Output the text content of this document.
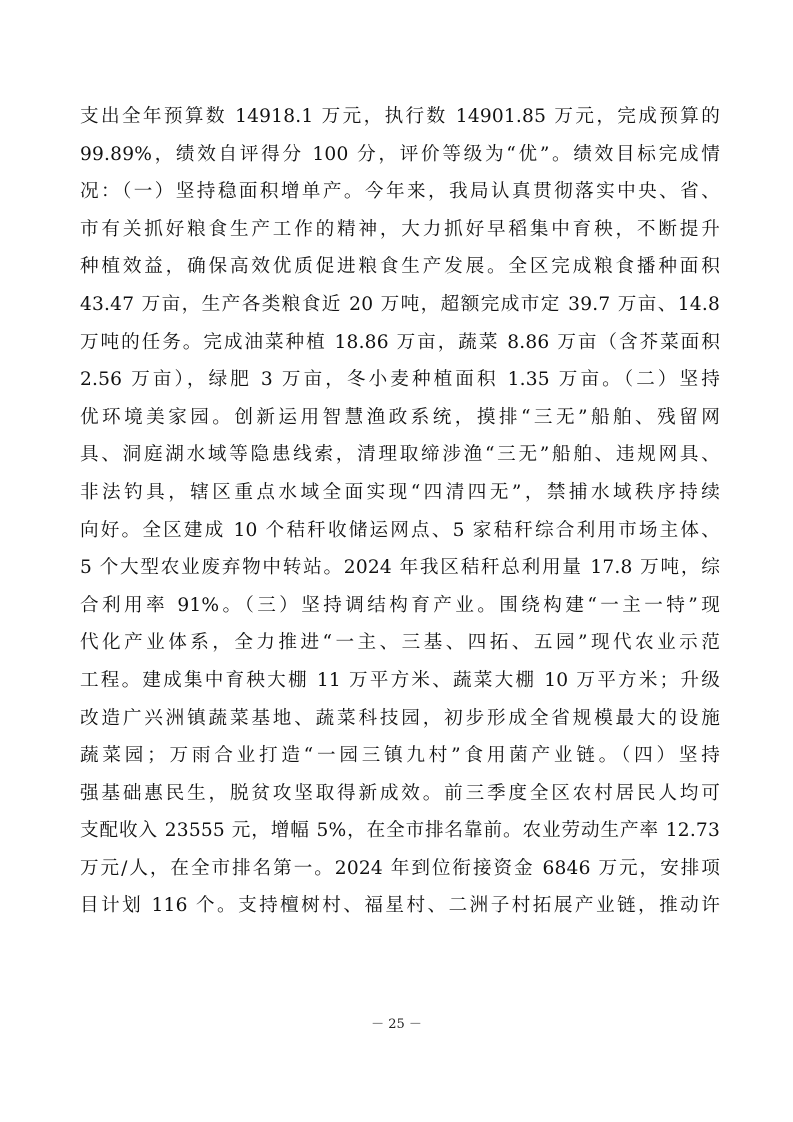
支出全年预算数 14918.1 万元，执行数 14901.85 万元，完成预算的
99.89%，绩效自评得分 100 分，评价等级为“优”。绩效目标完成情
况：（一）坚持稳面积增单产。今年来，我局认真贯彻落实中央、省、
市有关抓好粮食生产工作的精神，大力抓好早稻集中育秧，不断提升
种植效益，确保高效优质促进粮食生产发展。全区完成粮食播种面积
43.47 万亩，生产各类粮食近 20 万吨，超额完成市定 39.7 万亩、14.8
万吨的任务。完成油菜种植 18.86 万亩，蔬菜 8.86 万亩（含芥菜面积
2.56 万亩），绿肥 3 万亩，冬小麦种植面积 1.35 万亩。（二）坚持
优环境美家园。创新运用智慧渔政系统，摸排“三无”船舶、残留网
具、洞庭湖水域等隐患线索，清理取缔涉渔“三无”船舶、违规网具、
非法钓具，辖区重点水域全面实现“四清四无”，禁捕水域秩序持续
向好。全区建成 10 个秸秆收储运网点、5 家秸秆综合利用市场主体、
5 个大型农业废弃物中转站。2024 年我区秸秆总利用量 17.8 万吨，综
合利用率 91%。（三）坚持调结构育产业。围绕构建“一主一特”现
代化产业体系，全力推进“一主、三基、四拓、五园”现代农业示范
工程。建成集中育秧大棚 11 万平方米、蔬菜大棚 10 万平方米；升级
改造广兴洲镇蔬菜基地、蔬菜科技园，初步形成全省规模最大的设施
蔬菜园；万雨合业打造“一园三镇九村”食用菌产业链。（四）坚持
强基础惠民生，脱贫攻坚取得新成效。前三季度全区农村居民人均可
支配收入 23555 元，增幅 5%，在全市排名靠前。农业劳动生产率 12.73
万元/人，在全市排名第一。2024 年到位衔接资金 6846 万元，安排项
目计划 116 个。支持檀树村、福星村、二洲子村拓展产业链，推动许
－ 25 －
